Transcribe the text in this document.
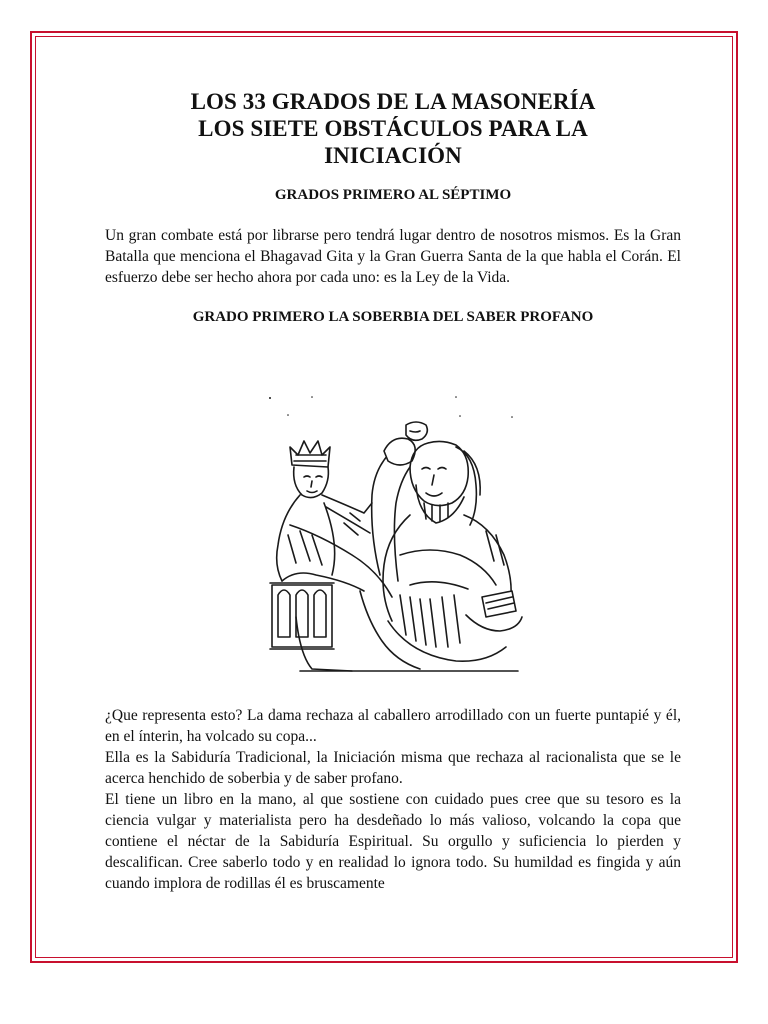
LOS 33 GRADOS DE LA MASONERÍA
LOS SIETE OBSTÁCULOS PARA LA
INICIACIÓN

GRADOS PRIMERO AL SÉPTIMO

Un gran combate está por librarse pero tendrá lugar dentro de nosotros mismos. Es la Gran Batalla que menciona el Bhagavad Gita y la Gran Guerra Santa de la que habla el Corán. El esfuerzo debe ser hecho ahora por cada uno: es la Ley de la Vida.

GRADO PRIMERO LA SOBERBIA DEL SABER PROFANO

¿Que representa esto? La dama rechaza al caballero arrodillado con un fuerte puntapié y él, en el ínterin, ha volcado su copa...

Ella es la Sabiduría Tradicional, la Iniciación misma que rechaza al racionalista que se le acerca henchido de soberbia y de saber profano.

El tiene un libro en la mano, al que sostiene con cuidado pues cree que su tesoro es la ciencia vulgar y materialista pero ha desdeñado lo más valioso, volcando la copa que contiene el néctar de la Sabiduría Espiritual. Su orgullo y suficiencia lo pierden y descalifican. Cree saberlo todo y en realidad lo ignora todo. Su humildad es fingida y aún cuando implora de rodillas él es bruscamente
